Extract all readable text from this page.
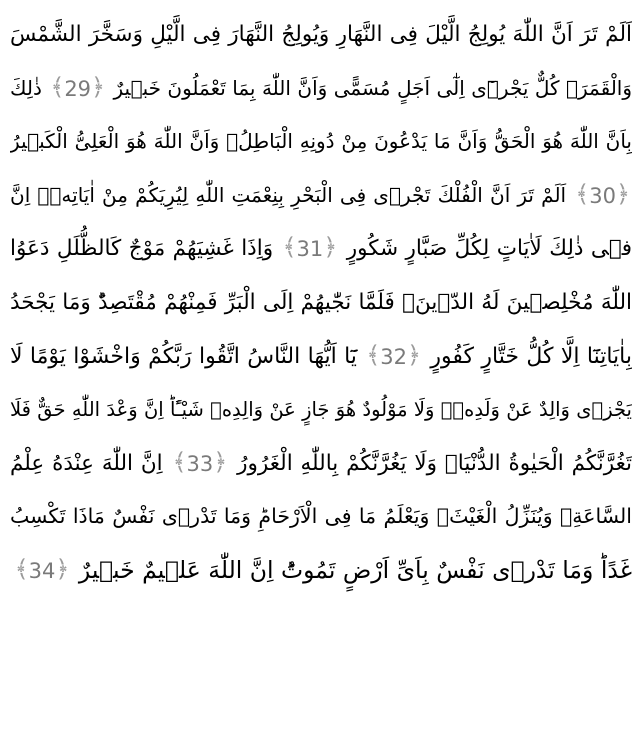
اَلَمْ تَرَ اَنَّ اللّٰهَ يُولِجُ الَّيْلَ فِى النَّهَارِ وَيُولِجُ النَّهَارَ فِى الَّيْلِ وَسَخَّرَ الشَّمْسَ
وَالْقَمَرَؗ كُلٌّ يَجْرٖٓى اِلٰٓى اَجَلٍ مُسَمًّى وَاَنَّ اللّٰهَ بِمَا تَعْمَلُونَ خَبٖيرٌ ﴾ 29 ﴿ ذٰلِكَ
بِاَنَّ اللّٰهَ هُوَ الْحَقُّ وَاَنَّ مَا يَدْعُونَ مِنْ دُونِهِ الْبَاطِلُۙ وَاَنَّ اللّٰهَ هُوَ الْعَلِىُّ الْكَبٖيرُ
﴾ 30 ﴿ اَلَمْ تَرَ اَنَّ الْفُلْكَ تَجْرٖى فِى الْبَحْرِ بِنِعْمَتِ اللّٰهِ لِيُرِيَكُمْ مِنْ اٰيَاتِهٖۜ اِنَّ
فٖى ذٰلِكَ لَاٰيَاتٍ لِكُلِّ صَبَّارٍ شَكُورٍ ﴾ 31 ﴿ وَاِذَا غَشِيَهُمْ مَوْجٌ كَالظُّلَلِ دَعَوُا
اللّٰهَ مُخْلِصٖينَ لَهُ الدّٖينَۚ فَلَمَّا نَجّٰيهُمْ اِلَى الْبَرِّ فَمِنْهُمْ مُقْتَصِدٌؕ وَمَا يَجْحَدُ
بِاٰيَاتِنَٓا اِلَّا كُلُّ خَتَّارٍ كَفُورٍ ﴾ 32 ﴿ يَٓا اَيُّهَا النَّاسُ اتَّقُوا رَبَّكُمْ وَاخْشَوْا يَوْمًا لَا
يَجْزٖى وَالِدٌ عَنْ وَلَدِهٖۘ وَلَا مَوْلُودٌ هُوَ جَازٍ عَنْ وَالِدِهٖ شَيْـًٔاؕ اِنَّ وَعْدَ اللّٰهِ حَقٌّ فَلَا
تَغُرَّنَّكُمُ الْحَيٰوةُ الدُّنْيَاٙ وَلَا يَغُرَّنَّكُمْ بِاللّٰهِ الْغَرُورُ ﴾ 33 ﴿ اِنَّ اللّٰهَ عِنْدَهُ عِلْمُ
السَّاعَةِۚ وَيُنَزِّلُ الْغَيْثَۚ وَيَعْلَمُ مَا فِى الْاَرْحَامِؕ وَمَا تَدْرٖى نَفْسٌ مَاذَا تَكْسِبُ
غَدًاؕ وَمَا تَدْرٖى نَفْسٌ بِاَىِّ اَرْضٍ تَمُوتُؕ اِنَّ اللّٰهَ عَلٖيمٌ خَبٖيرٌ ﴾ 34 ﴿
